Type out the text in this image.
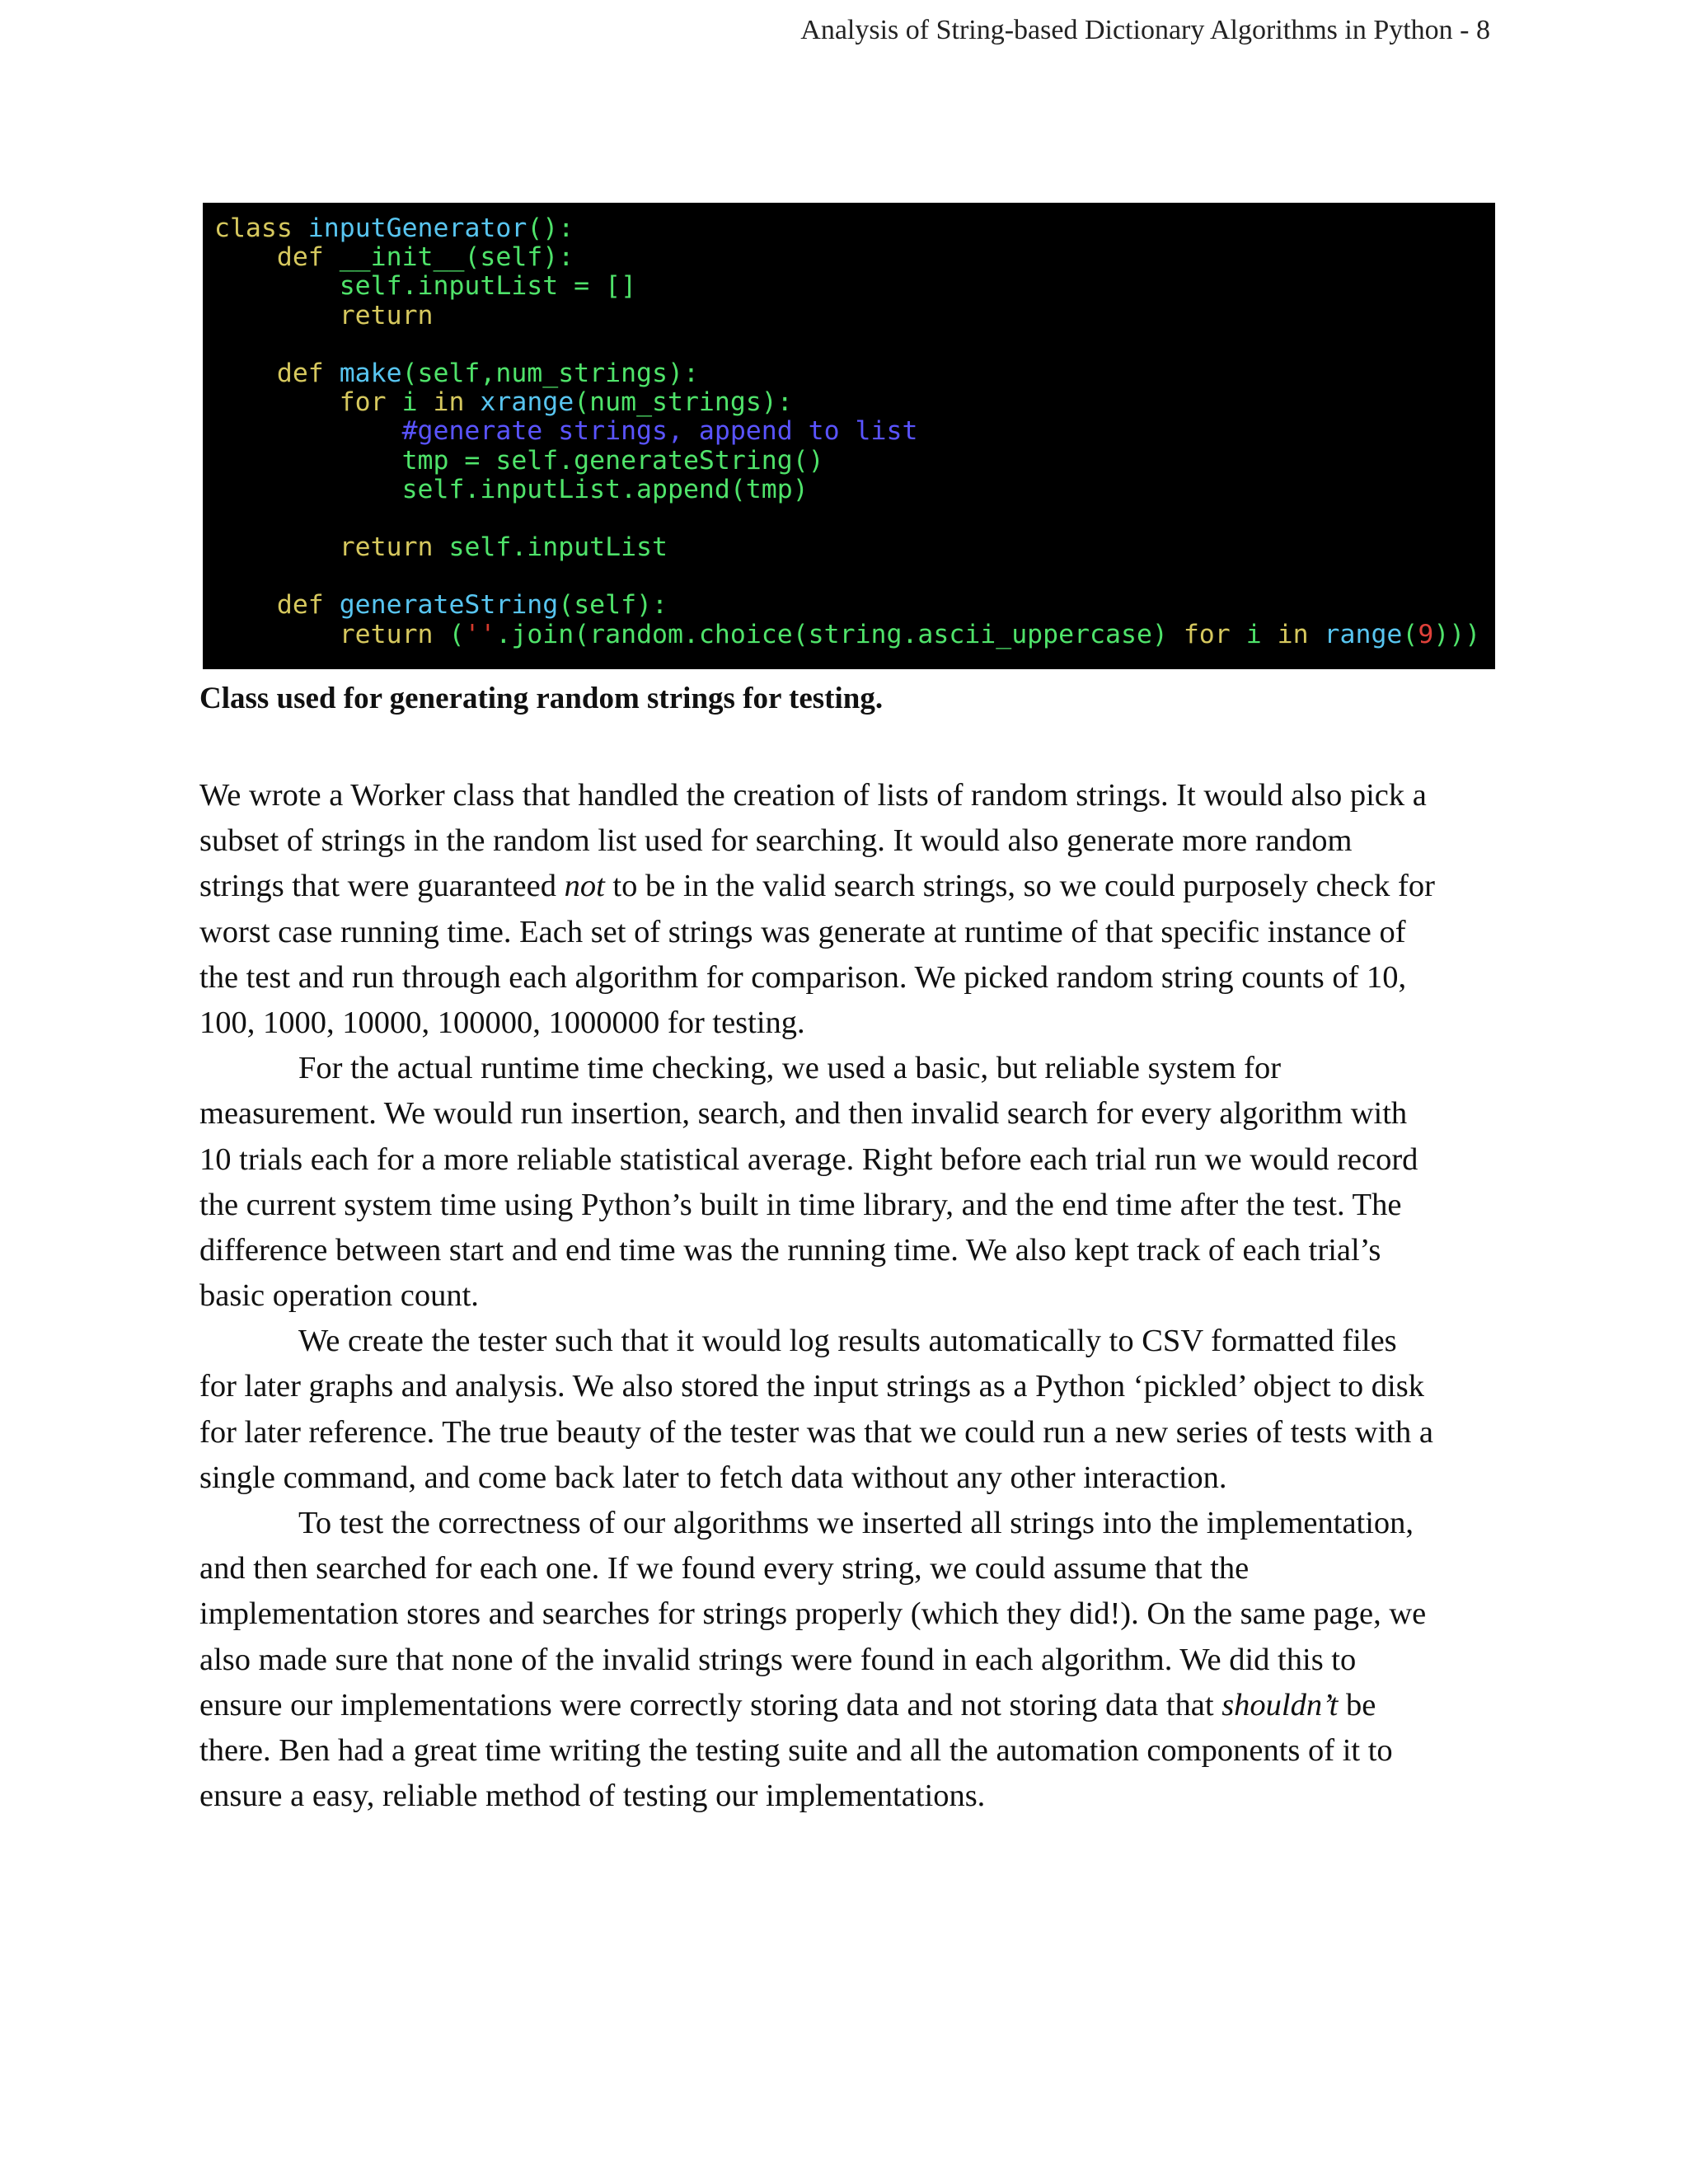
Analysis of String-based Dictionary Algorithms in Python - 8
class inputGenerator():
def __init__(self):
self.inputList = []
return
def make(self,num_strings):
for i in xrange(num_strings):
#generate strings, append to list
tmp = self.generateString()
self.inputList.append(tmp)
return self.inputList
def generateString(self):
return (''.join(random.choice(string.ascii_uppercase) for i in range(9)))
Class used for generating random strings for testing.
We wrote a Worker class that handled the creation of lists of random strings. It would also pick a
subset of strings in the random list used for searching. It would also generate more random
strings that were guaranteed not to be in the valid search strings, so we could purposely check for
worst case running time. Each set of strings was generate at runtime of that specific instance of
the test and run through each algorithm for comparison. We picked random string counts of 10,
100, 1000, 10000, 100000, 1000000 for testing.
For the actual runtime time checking, we used a basic, but reliable system for
measurement. We would run insertion, search, and then invalid search for every algorithm with
10 trials each for a more reliable statistical average. Right before each trial run we would record
the current system time using Python’s built in time library, and the end time after the test. The
difference between start and end time was the running time. We also kept track of each trial’s
basic operation count.
We create the tester such that it would log results automatically to CSV formatted files
for later graphs and analysis. We also stored the input strings as a Python ‘pickled’ object to disk
for later reference. The true beauty of the tester was that we could run a new series of tests with a
single command, and come back later to fetch data without any other interaction.
To test the correctness of our algorithms we inserted all strings into the implementation,
and then searched for each one. If we found every string, we could assume that the
implementation stores and searches for strings properly (which they did!). On the same page, we
also made sure that none of the invalid strings were found in each algorithm. We did this to
ensure our implementations were correctly storing data and not storing data that shouldn’t be
there. Ben had a great time writing the testing suite and all the automation components of it to
ensure a easy, reliable method of testing our implementations.
